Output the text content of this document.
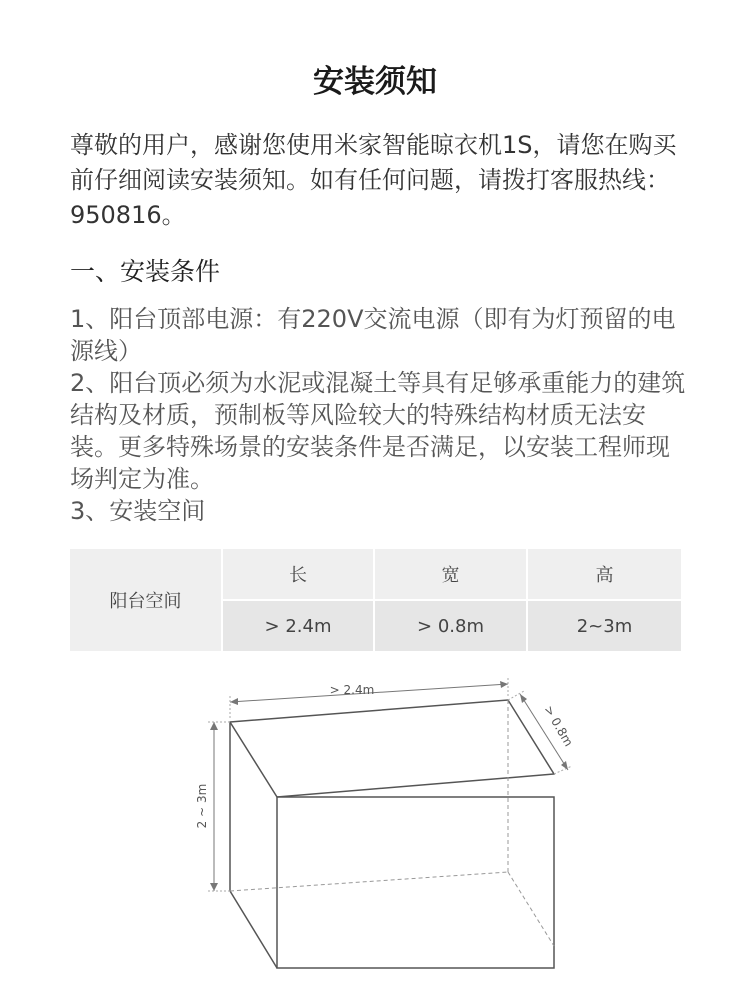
安装须知

尊敬的用户，感谢您使用米家智能晾衣机1S，请您在购买前仔细阅读安装须知。如有任何问题，请拨打客服热线：950816。

一、安装条件

1、阳台顶部电源：有220V交流电源（即有为灯预留的电源线）

2、阳台顶必须为水泥或混凝土等具有足够承重能力的建筑结构及材质，预制板等风险较大的特殊结构材质无法安装。更多特殊场景的安装条件是否满足，以安装工程师现场判定为准。

3、安装空间

阳台空间
长	宽	高
> 2.4m	> 0.8m	2~3m
> 2.4m
> 0.8m
2 ~ 3m
